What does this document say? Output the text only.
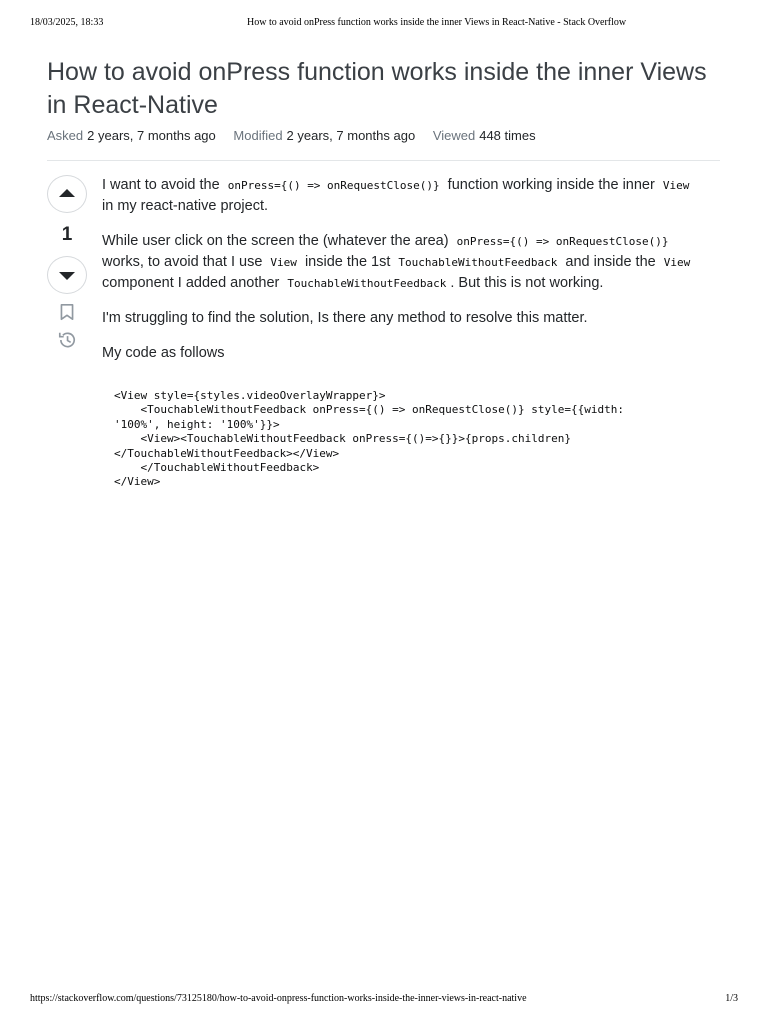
18/03/2025, 18:33	How to avoid onPress function works inside the inner Views in React-Native - Stack Overflow
How to avoid onPress function works inside the inner Views in React-Native
Asked 2 years, 7 months ago Modified 2 years, 7 months ago Viewed 448 times
1

I want to avoid the onPress={() => onRequestClose()} function working inside the inner View in my react-native project.

While user click on the screen the (whatever the area) onPress={() => onRequestClose()} works, to avoid that I use View inside the 1st TouchableWithoutFeedback and inside the View component I added another TouchableWithoutFeedback . But this is not working.

I'm struggling to find the solution, Is there any method to resolve this matter.

My code as follows

<View style={styles.videoOverlayWrapper}>
<TouchableWithoutFeedback onPress={() => onRequestClose()} style={{width:
'100%', height: '100%'}}>
<View><TouchableWithoutFeedback onPress={()=>{}}>{props.children}
</TouchableWithoutFeedback></View>
</TouchableWithoutFeedback>
</View>
https://stackoverflow.com/questions/73125180/how-to-avoid-onpress-function-works-inside-the-inner-views-in-react-native	1/3
